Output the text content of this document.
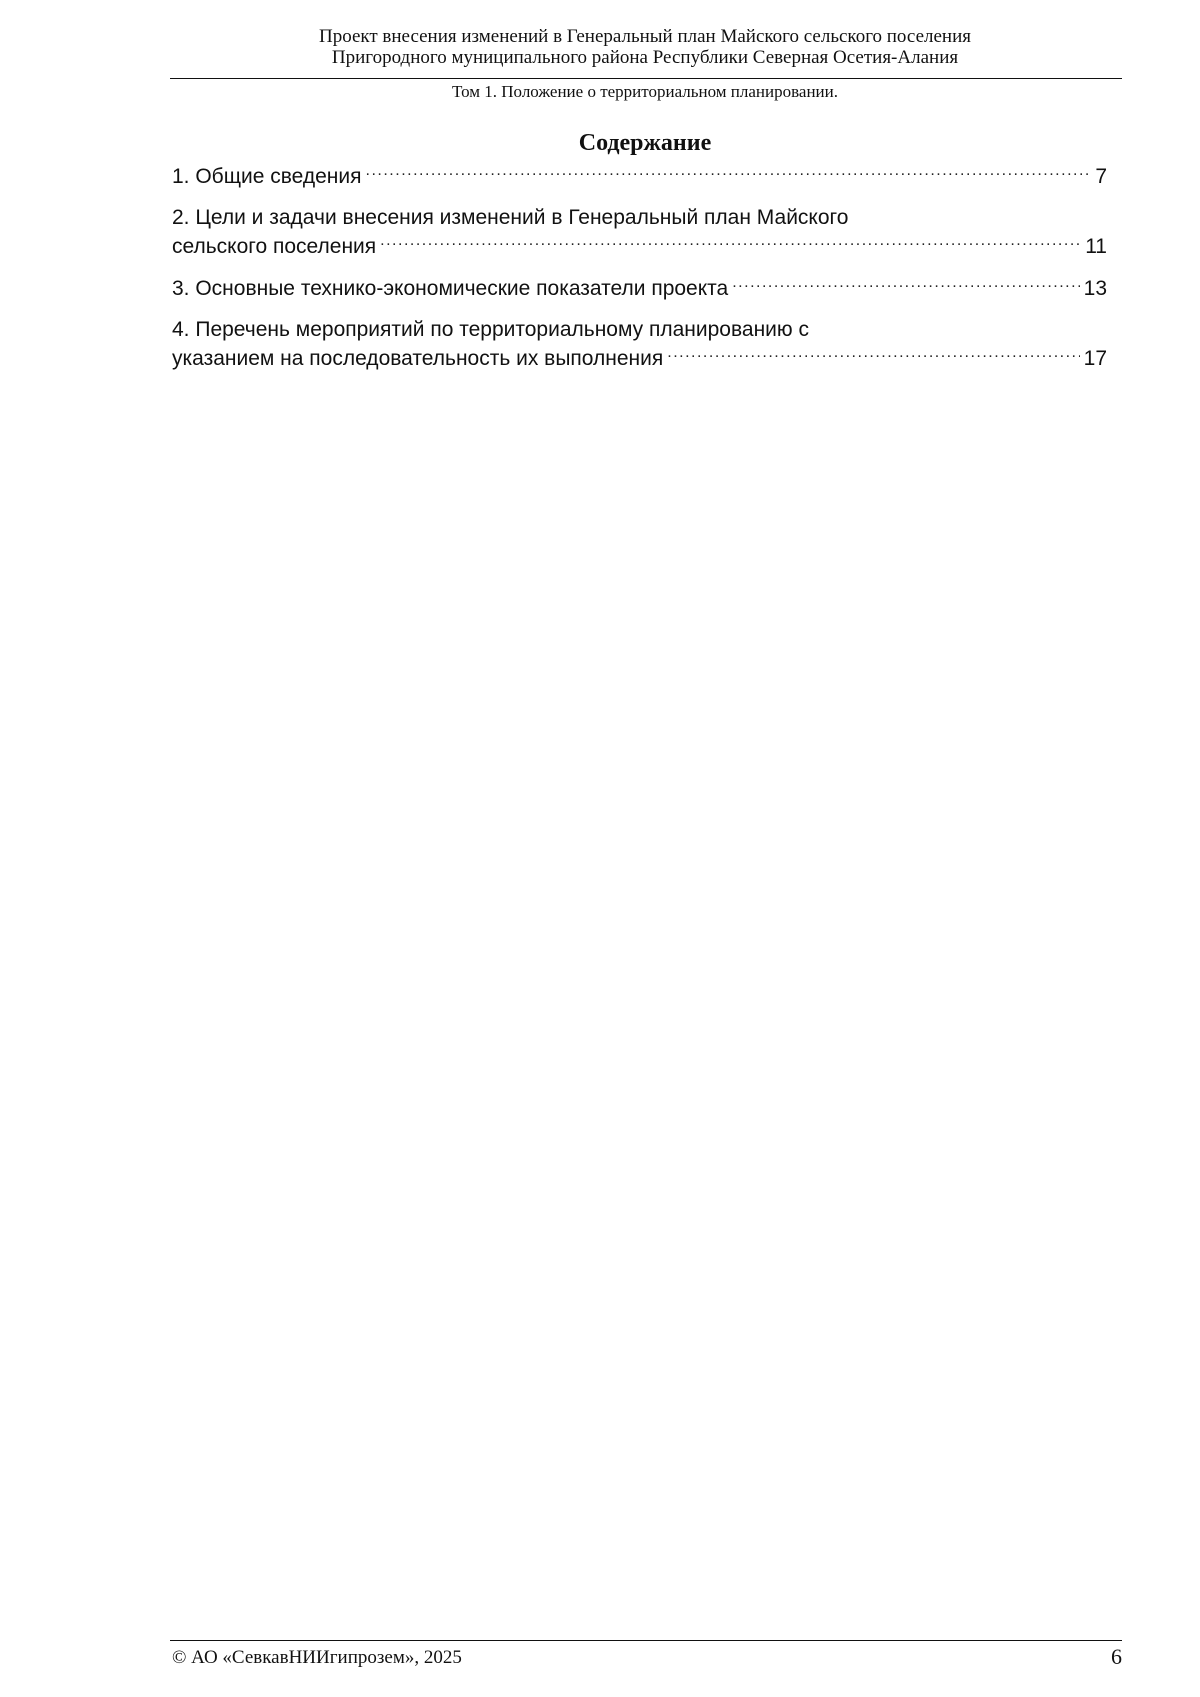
Проект внесения изменений в Генеральный план Майского сельского поселения
Пригородного муниципального района Республики Северная Осетия-Алания
Том 1. Положение о территориальном планировании.
Содержание
1. Общие сведения .....	7
2. Цели и задачи внесения изменений в Генеральный план Майского
сельского поселения .....	11
3. Основные технико-экономические показатели проекта .....	13
4. Перечень мероприятий по территориальному планированию с
указанием на последовательность их выполнения .....	17
© АО «СевкавНИИгипрозем», 2025	6
